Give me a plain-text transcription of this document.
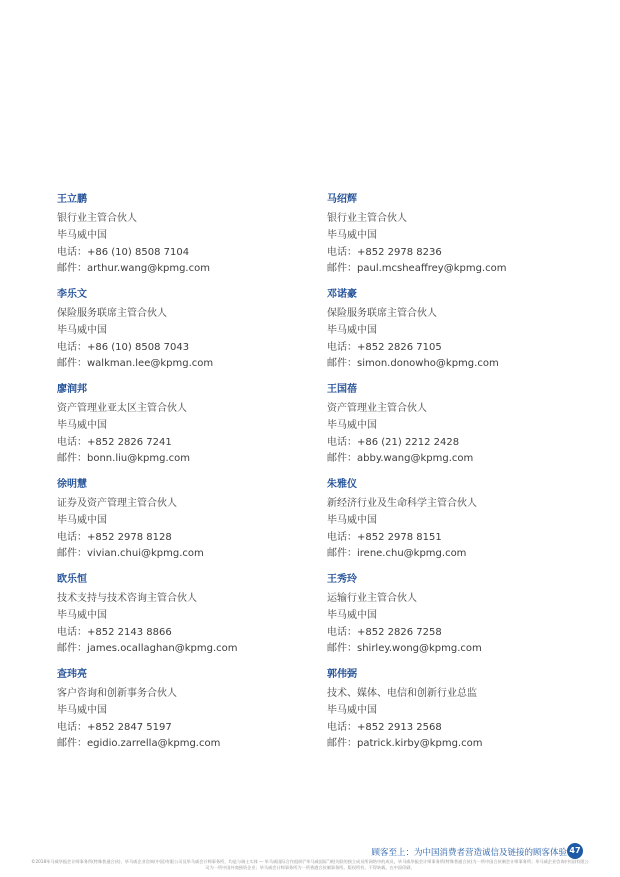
王立鹏
银行业主管合伙人
毕马威中国
电话：+86 (10) 8508 7104
邮件：arthur.wang@kpmg.com
李乐文
保险服务联席主管合伙人
毕马威中国
电话：+86 (10) 8508 7043
邮件：walkman.lee@kpmg.com
廖润邦
资产管理业亚太区主管合伙人
毕马威中国
电话：+852 2826 7241
邮件：bonn.liu@kpmg.com
徐明慧
证券及资产管理主管合伙人
毕马威中国
电话：+852 2978 8128
邮件：vivian.chui@kpmg.com
欧乐恒
技术支持与技术咨询主管合伙人
毕马威中国
电话：+852 2143 8866
邮件：james.ocallaghan@kpmg.com
查玮亮
客户咨询和创新事务合伙人
毕马威中国
电话：+852 2847 5197
邮件：egidio.zarrella@kpmg.com
马绍辉
银行业主管合伙人
毕马威中国
电话：+852 2978 8236
邮件：paul.mcsheaffrey@kpmg.com
邓诺豪
保险服务联席主管合伙人
毕马威中国
电话：+852 2826 7105
邮件：simon.donowho@kpmg.com
王国蓓
资产管理业主管合伙人
毕马威中国
电话：+86 (21) 2212 2428
邮件：abby.wang@kpmg.com
朱雅仪
新经济行业及生命科学主管合伙人
毕马威中国
电话：+852 2978 8151
邮件：irene.chu@kpmg.com
王秀玲
运输行业主管合伙人
毕马威中国
电话：+852 2826 7258
邮件：shirley.wong@kpmg.com
郭伟弼
技术、媒体、电信和创新行业总监
毕马威中国
电话：+852 2913 2568
邮件：patrick.kirby@kpmg.com
顾客至上：为中国消费者营造诚信及链接的顾客体验 47
©2018毕马威华振会计师事务所(特殊普通合伙)、毕马威企业咨询(中国)有限公司及毕马威会计师事务所，均是与瑞士实体 — 毕马威国际合作组织(“毕马威国际”)相关联的独立成员所网络中的成员。毕马威华振会计师事务所(特殊普通合伙)为一所中国合伙制会计师事务所；毕马威企业咨询(中国)有限公司为一所中国外商独资企业；毕马威会计师事务所为一所香港合伙制事务所。版权所有，不得转载。在中国印刷。
